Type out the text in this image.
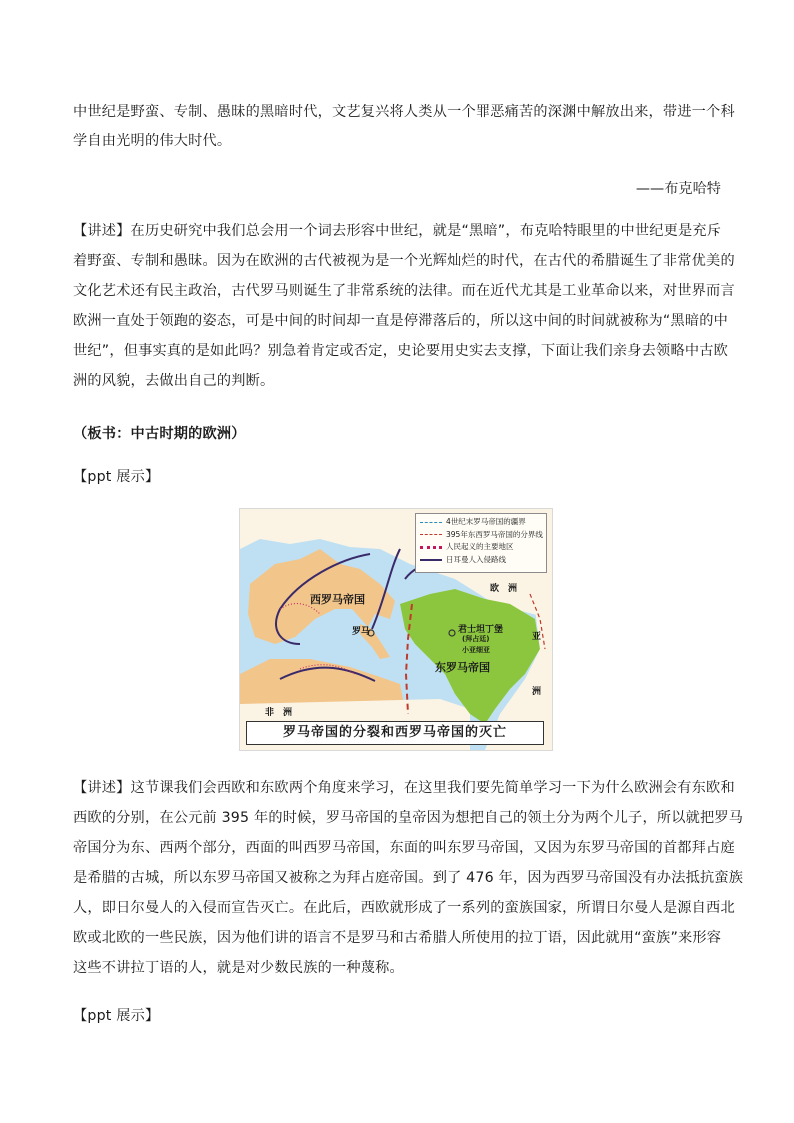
中世纪是野蛮、专制、愚昧的黑暗时代，文艺复兴将人类从一个罪恶痛苦的深渊中解放出来，带进一个科
学自由光明的伟大时代。
——布克哈特
【讲述】在历史研究中我们总会用一个词去形容中世纪，就是“黑暗”，布克哈特眼里的中世纪更是充斥
着野蛮、专制和愚昧。因为在欧洲的古代被视为是一个光辉灿烂的时代，在古代的希腊诞生了非常优美的
文化艺术还有民主政治，古代罗马则诞生了非常系统的法律。而在近代尤其是工业革命以来，对世界而言
欧洲一直处于领跑的姿态，可是中间的时间却一直是停滞落后的，所以这中间的时间就被称为“黑暗的中
世纪”，但事实真的是如此吗？别急着肯定或否定，史论要用史实去支撑，下面让我们亲身去领略中古欧
洲的风貌，去做出自己的判断。
（板书：中古时期的欧洲）
【ppt 展示】
4世纪末罗马帝国的疆界
395年东西罗马帝国的分界线
人民起义的主要地区
日耳曼人入侵路线
西罗马帝国
东罗马帝国
罗马	君士坦丁堡
(拜占廷)
小亚细亚
欧　洲
亚
洲
非　洲
罗马帝国的分裂和西罗马帝国的灭亡
【讲述】这节课我们会西欧和东欧两个角度来学习，在这里我们要先简单学习一下为什么欧洲会有东欧和
西欧的分别，在公元前 395 年的时候，罗马帝国的皇帝因为想把自己的领土分为两个儿子，所以就把罗马
帝国分为东、西两个部分，西面的叫西罗马帝国，东面的叫东罗马帝国，又因为东罗马帝国的首都拜占庭
是希腊的古城，所以东罗马帝国又被称之为拜占庭帝国。到了 476 年，因为西罗马帝国没有办法抵抗蛮族
人，即日尔曼人的入侵而宣告灭亡。在此后，西欧就形成了一系列的蛮族国家，所谓日尔曼人是源自西北
欧或北欧的一些民族，因为他们讲的语言不是罗马和古希腊人所使用的拉丁语，因此就用“蛮族”来形容
这些不讲拉丁语的人，就是对少数民族的一种蔑称。
【ppt 展示】
